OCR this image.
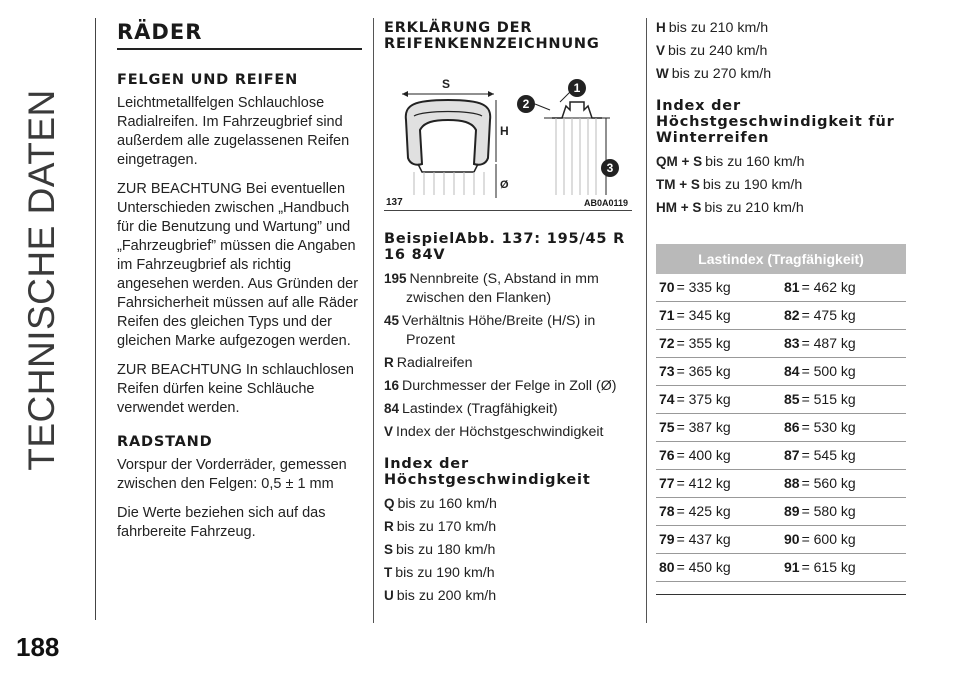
TECHNISCHE DATEN
188
RÄDER
FELGEN UND REIFEN

Leichtmetallfelgen Schlauchlose Radialreifen. Im Fahrzeugbrief sind außerdem alle zugelassenen Reifen eingetragen.

ZUR BEACHTUNG Bei eventuellen Unterschieden zwischen „Handbuch für die Benutzung und Wartung” und „Fahrzeugbrief” müssen die Angaben im Fahrzeugbrief als richtig angesehen werden. Aus Gründen der Fahrsicherheit müssen auf alle Räder Reifen des gleichen Typs und der gleichen Marke aufgezogen werden.

ZUR BEACHTUNG In schlauchlosen Reifen dürfen keine Schläuche verwendet werden.

RADSTAND

Vorspur der Vorderräder, gemessen zwischen den Felgen: 0,5 ± 1 mm

Die Werte beziehen sich auf das fahrbereite Fahrzeug.

ERKLÄRUNG DER REIFENKENNZEICHNUNG
S
H
Ø
1
2
3
137	AB0A0119
BeispielAbb. 137: 195/45 R 16 84V
195 Nennbreite (S, Abstand in mm zwischen den Flanken)
45 Verhältnis Höhe/Breite (H/S) in Prozent
R Radialreifen
16 Durchmesser der Felge in Zoll (Ø)
84 Lastindex (Tragfähigkeit)
V Index der Höchstgeschwindigkeit
Index der Höchstgeschwindigkeit
Q bis zu 160 km/h
R bis zu 170 km/h
S bis zu 180 km/h
T bis zu 190 km/h
U bis zu 200 km/h
H bis zu 210 km/h
V bis zu 240 km/h
W bis zu 270 km/h
Index der Höchstgeschwindigkeit für Winterreifen
QM + S bis zu 160 km/h
TM + S bis zu 190 km/h
HM + S bis zu 210 km/h
Lastindex (Tragfähigkeit)
70 = 335 kg	81 = 462 kg
71 = 345 kg	82 = 475 kg
72 = 355 kg	83 = 487 kg
73 = 365 kg	84 = 500 kg
74 = 375 kg	85 = 515 kg
75 = 387 kg	86 = 530 kg
76 = 400 kg	87 = 545 kg
77 = 412 kg	88 = 560 kg
78 = 425 kg	89 = 580 kg
79 = 437 kg	90 = 600 kg
80 = 450 kg	91 = 615 kg
